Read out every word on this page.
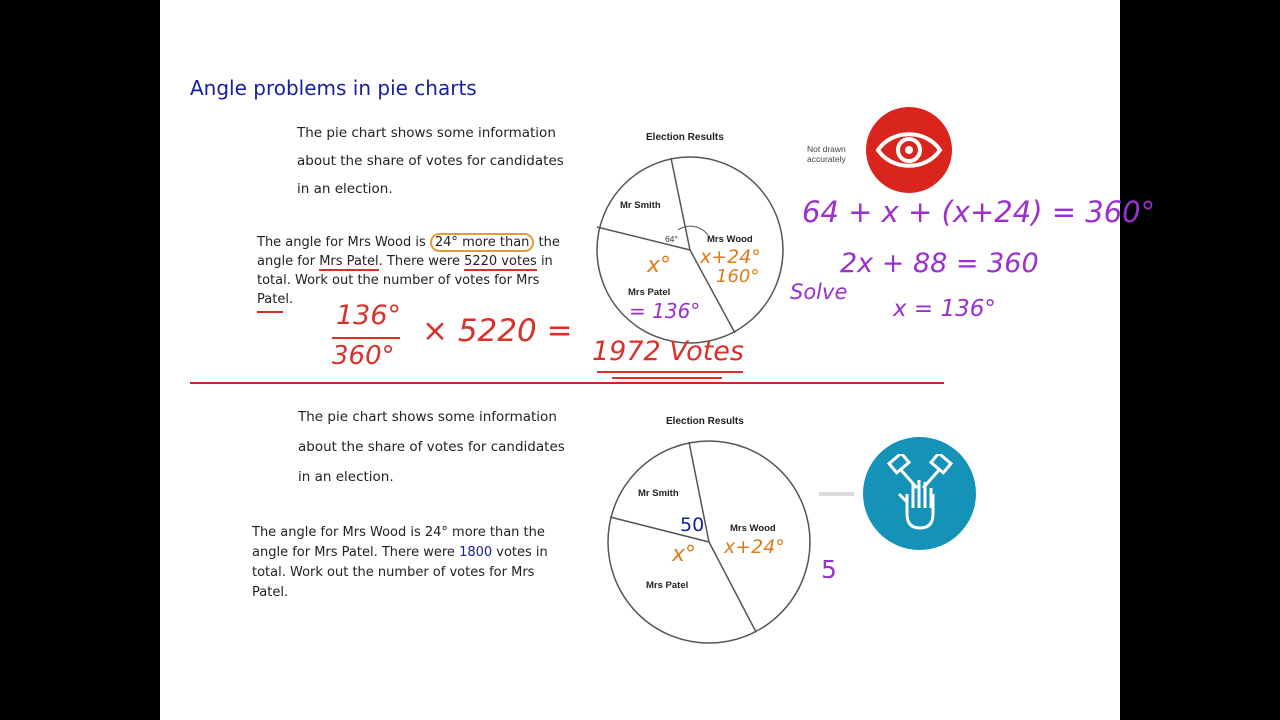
Angle problems in pie charts
The pie chart shows some information
about the share of votes for candidates
in an election.
The angle for Mrs Wood is 24° more than the
angle for Mrs Patel. There were 5220 votes in
total. Work out the number of votes for Mrs
Patel.
Election Results
Mr Smith
Mrs Wood
Mrs Patel
64°
Not drawn
accurately
x° x+24°
160°
= 136°
64 + x + (x+24) = 360°
2x + 88 = 360
x = 136°
Solve
136°
360°
× 5220 =
1972 Votes
The pie chart shows some information
about the share of votes for candidates
in an election.
The angle for Mrs Wood is 24° more than the
angle for Mrs Patel. There were 1800 votes in
total. Work out the number of votes for Mrs
Patel.
Election Results
Mr Smith
Mrs Wood
Mrs Patel
50
x° x+24°
5
